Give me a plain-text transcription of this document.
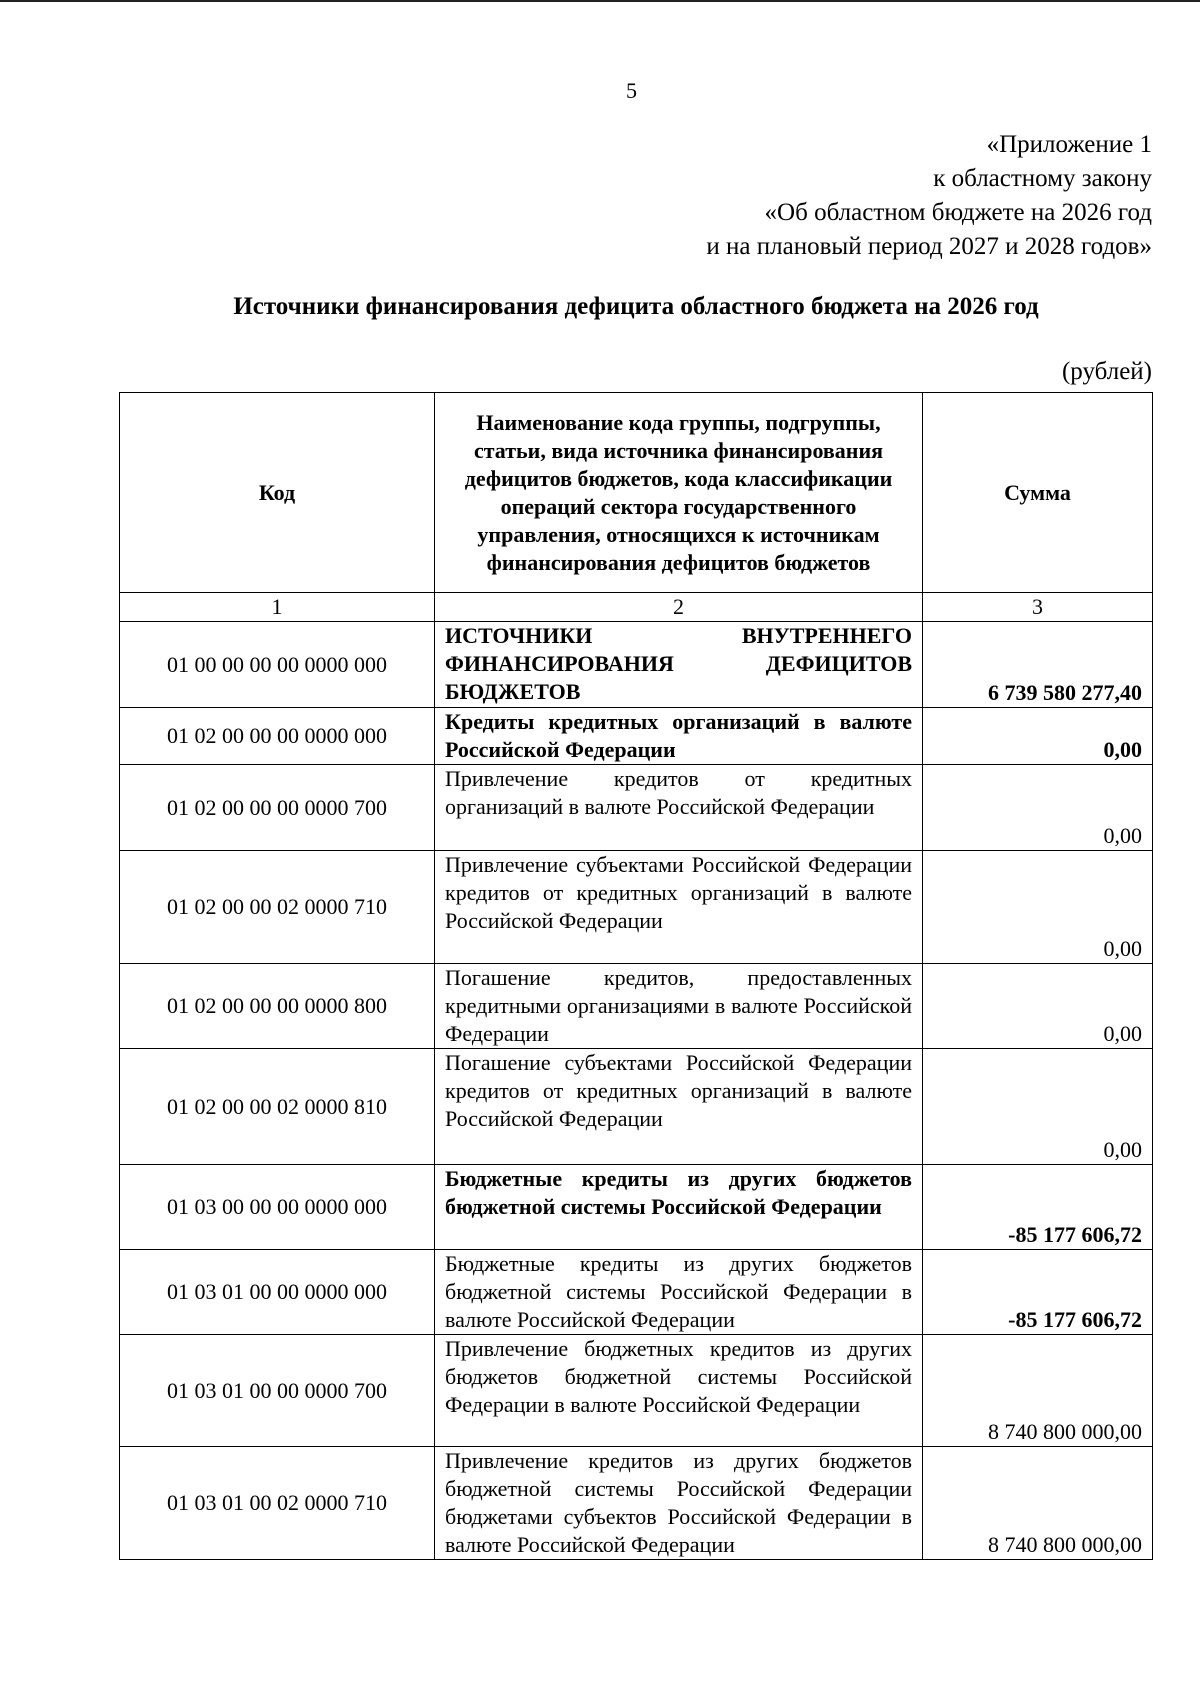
5
«Приложение 1
к областному закону
«Об областном бюджете на 2026 год
и на плановый период 2027 и 2028 годов»
Источники финансирования дефицита областного бюджета на 2026 год
(рублей)
Код	Наименование кода группы, подгруппы, статьи, вида источника финансирования дефицитов бюджетов, кода классификации операций сектора государственного управления, относящихся к источникам финансирования дефицитов бюджетов	Сумма
1	2	3
01 00 00 00 00 0000 000	ИСТОЧНИКИ ВНУТРЕННЕГО ФИНАНСИРОВАНИЯ ДЕФИЦИТОВ БЮДЖЕТОВ	6 739 580 277,40
01 02 00 00 00 0000 000	Кредиты кредитных организаций в валюте Российской Федерации	0,00
01 02 00 00 00 0000 700	Привлечение кредитов от кредитных организаций в валюте Российской Федерации	0,00
01 02 00 00 02 0000 710	Привлечение субъектами Российской Федерации кредитов от кредитных организаций в валюте Российской Федерации	0,00
01 02 00 00 00 0000 800	Погашение кредитов, предоставленных кредитными организациями в валюте Российской Федерации	0,00
01 02 00 00 02 0000 810	Погашение субъектами Российской Федерации кредитов от кредитных организаций в валюте Российской Федерации	0,00
01 03 00 00 00 0000 000	Бюджетные кредиты из других бюджетов бюджетной системы Российской Федерации	-85 177 606,72
01 03 01 00 00 0000 000	Бюджетные кредиты из других бюджетов бюджетной системы Российской Федерации в валюте Российской Федерации	-85 177 606,72
01 03 01 00 00 0000 700	Привлечение бюджетных кредитов из других бюджетов бюджетной системы Российской Федерации в валюте Российской Федерации	8 740 800 000,00
01 03 01 00 02 0000 710	Привлечение кредитов из других бюджетов бюджетной системы Российской Федерации бюджетами субъектов Российской Федерации в валюте Российской Федерации	8 740 800 000,00
